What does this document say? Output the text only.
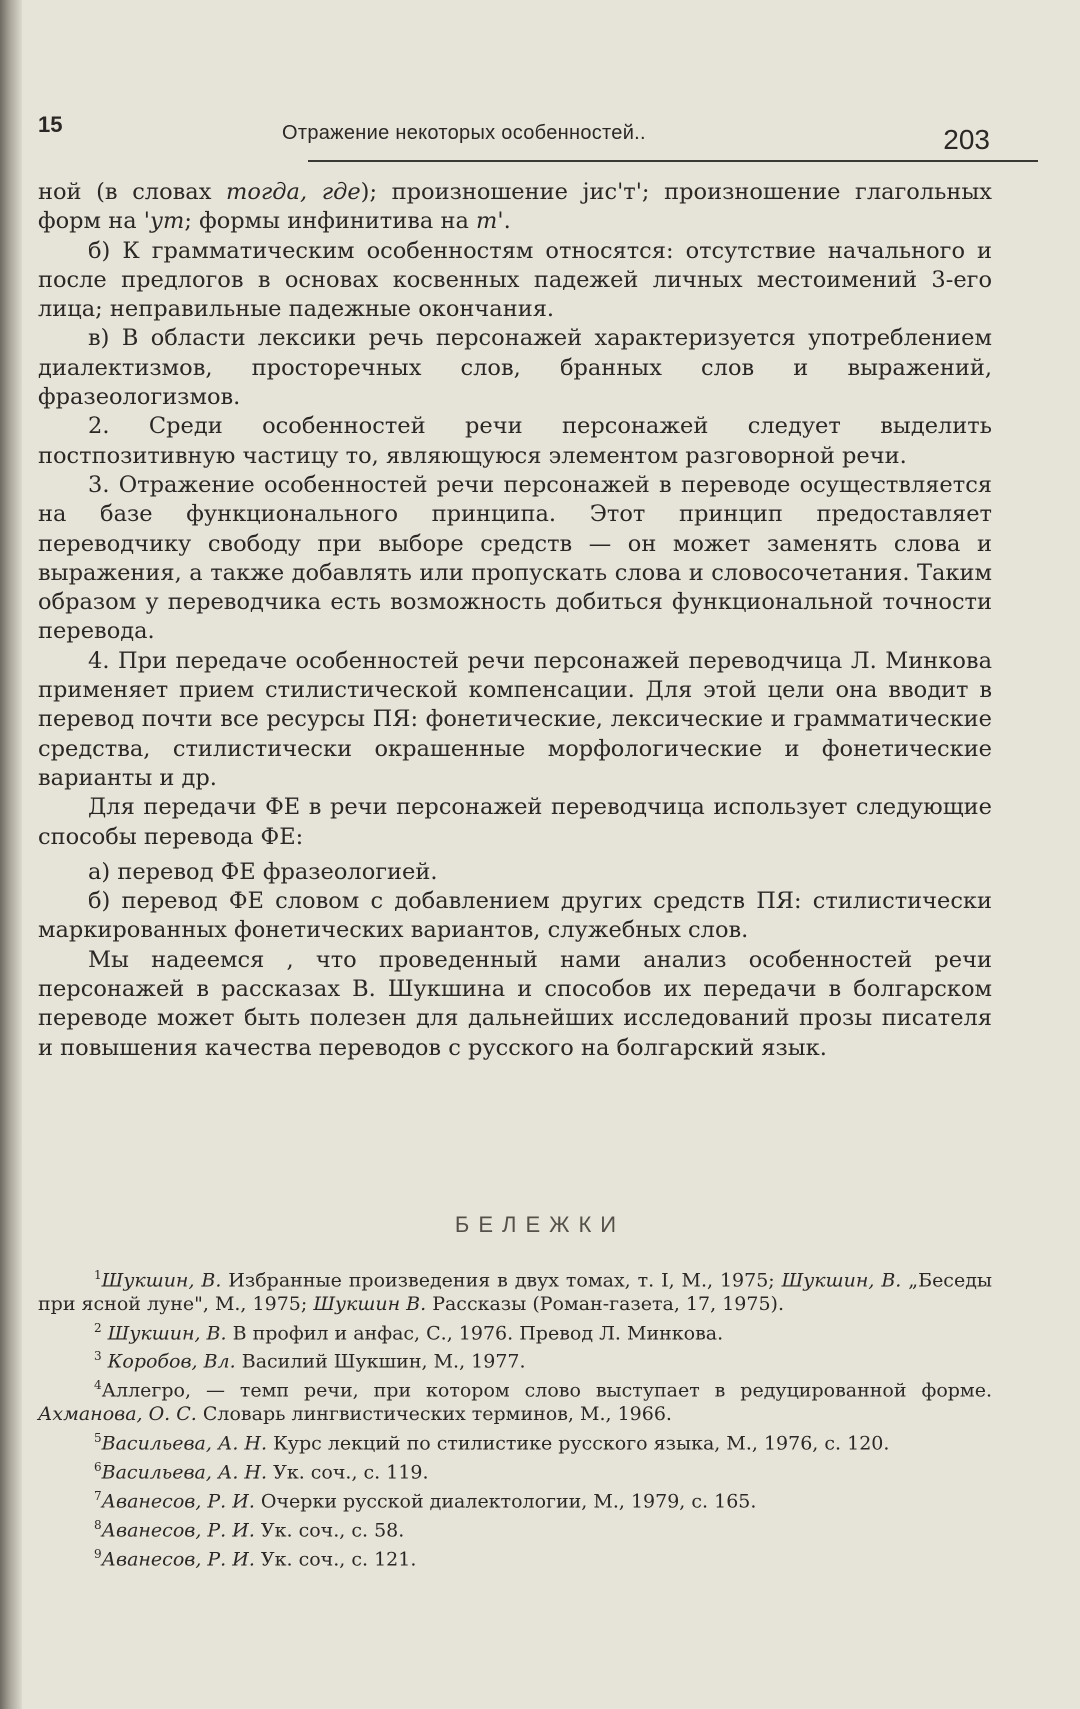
15	Отражение некоторых особенностей..	203

ной (в словах тогда, где); произношение јис'т'; произношение глагольных форм на 'ут; формы инфинитива на т'.

б) К грамматическим особенностям относятся: отсутствие начального и после предлогов в основах косвенных падежей личных местоимений 3-его лица; неправильные падежные окончания.

в) В области лексики речь персонажей характеризуется употреблением диалектизмов, просторечных слов, бранных слов и выражений, фразеологизмов.

2. Среди особенностей речи персонажей следует выделить постпозитивную частицу то, являющуюся элементом разговорной речи.

3. Отражение особенностей речи персонажей в переводе осуществляется на базе функционального принципа. Этот принцип предоставляет переводчику свободу при выборе средств — он может заменять слова и выражения, а также добавлять или пропускать слова и словосочетания. Таким образом у переводчика есть возможность добиться функциональной точности перевода.

4. При передаче особенностей речи персонажей переводчица Л. Минкова применяет прием стилистической компенсации. Для этой цели она вводит в перевод почти все ресурсы ПЯ: фонетические, лексические и грамматические средства, стилистически окрашенные морфологические и фонетические варианты и др.

Для передачи ФЕ в речи персонажей переводчица использует следующие способы перевода ФЕ:

а) перевод ФЕ фразеологией.

б) перевод ФЕ словом с добавлением других средств ПЯ: стилистически маркированных фонетических вариантов, служебных слов.

Мы надеемся , что проведенный нами анализ особенностей речи персонажей в рассказах В. Шукшина и способов их передачи в болгарском переводе может быть полезен для дальнейших исследований прозы писателя и повышения качества переводов с русского на болгарский язык.

БЕЛЕЖКИ

$^1$Шукшин, В. Избранные произведения в двух томах, т. I, М., 1975; Шукшин, В. „Беседы при ясной луне", М., 1975; Шукшин В. Рассказы (Роман-газета, 17, 1975).

$^2$ Шукшин, В. В профил и анфас, С., 1976. Превод Л. Минкова.

$^3$ Коробов, Вл. Василий Шукшин, М., 1977.

$^4$Аллегро, — темп речи, при котором слово выступает в редуцированной форме. Ахманова, О. С. Словарь лингвистических терминов, М., 1966.

$^5$Васильева, А. Н. Курс лекций по стилистике русского языка, М., 1976, с. 120.

$^6$Васильева, А. Н. Ук. соч., с. 119.

$^7$Аванесов, Р. И. Очерки русской диалектологии, М., 1979, с. 165.

$^8$Аванесов, Р. И. Ук. соч., с. 58.

$^9$Аванесов, Р. И. Ук. соч., с. 121.
